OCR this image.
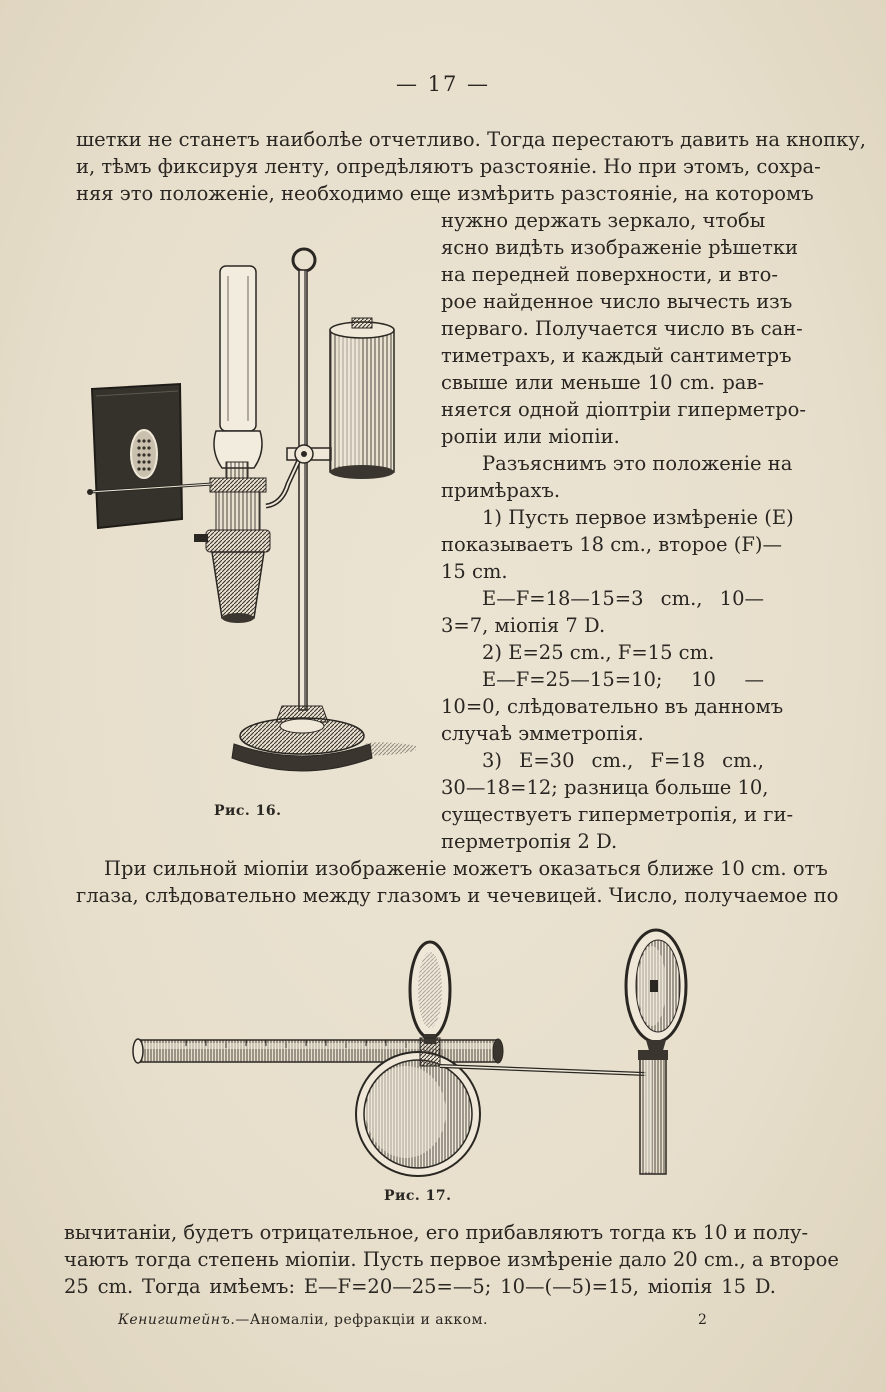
— 17 —
шетки не станетъ наиболѣе отчетливо. Тогда перестаютъ давить на кнопку,
и, тѣмъ фиксируя ленту, опредѣляютъ разстояніе. Но при этомъ, сохра-
няя это положеніе, необходимо еще измѣрить разстояніе, на которомъ
нужно держать зеркало, чтобы
ясно видѣть изображеніе рѣшетки
на передней поверхности, и вто-
рое найденное число вычесть изъ
перваго. Получается число въ сан-
тиметрахъ, и каждый сантиметръ
свыше или меньше 10 cm. рав-
няется одной діоптріи гиперметро-
ропіи или міопіи.
Разъяснимъ это положеніе на
примѣрахъ.
1) Пусть первое измѣреніе (E)
показываетъ 18 cm., второе (F)—
15 cm.
E—F=18—15=3 cm., 10—
3=7, міопія 7 D.
2) E=25 cm., F=15 cm.
E—F=25—15=10; 10 —
10=0, слѣдовательно въ данномъ
случаѣ эмметропія.
3) E=30 cm., F=18 cm.,
30—18=12; разница больше 10,
существуетъ гиперметропія, и ги-
перметропія 2 D.
Рис. 16.
При сильной міопіи изображеніе можетъ оказаться ближе 10 cm. отъ
глаза, слѣдовательно между глазомъ и чечевицей. Число, получаемое по
Рис. 17.
вычитаніи, будетъ отрицательное, его прибавляютъ тогда къ 10 и полу-
чаютъ тогда степень міопіи. Пусть первое измѣреніе дало 20 cm., а второе
25 cm. Тогда имѣемъ: E—F=20—25=—5; 10—(—5)=15, міопія 15 D.
Кенигштейнъ.—Аномаліи, рефракціи и акком.	2
